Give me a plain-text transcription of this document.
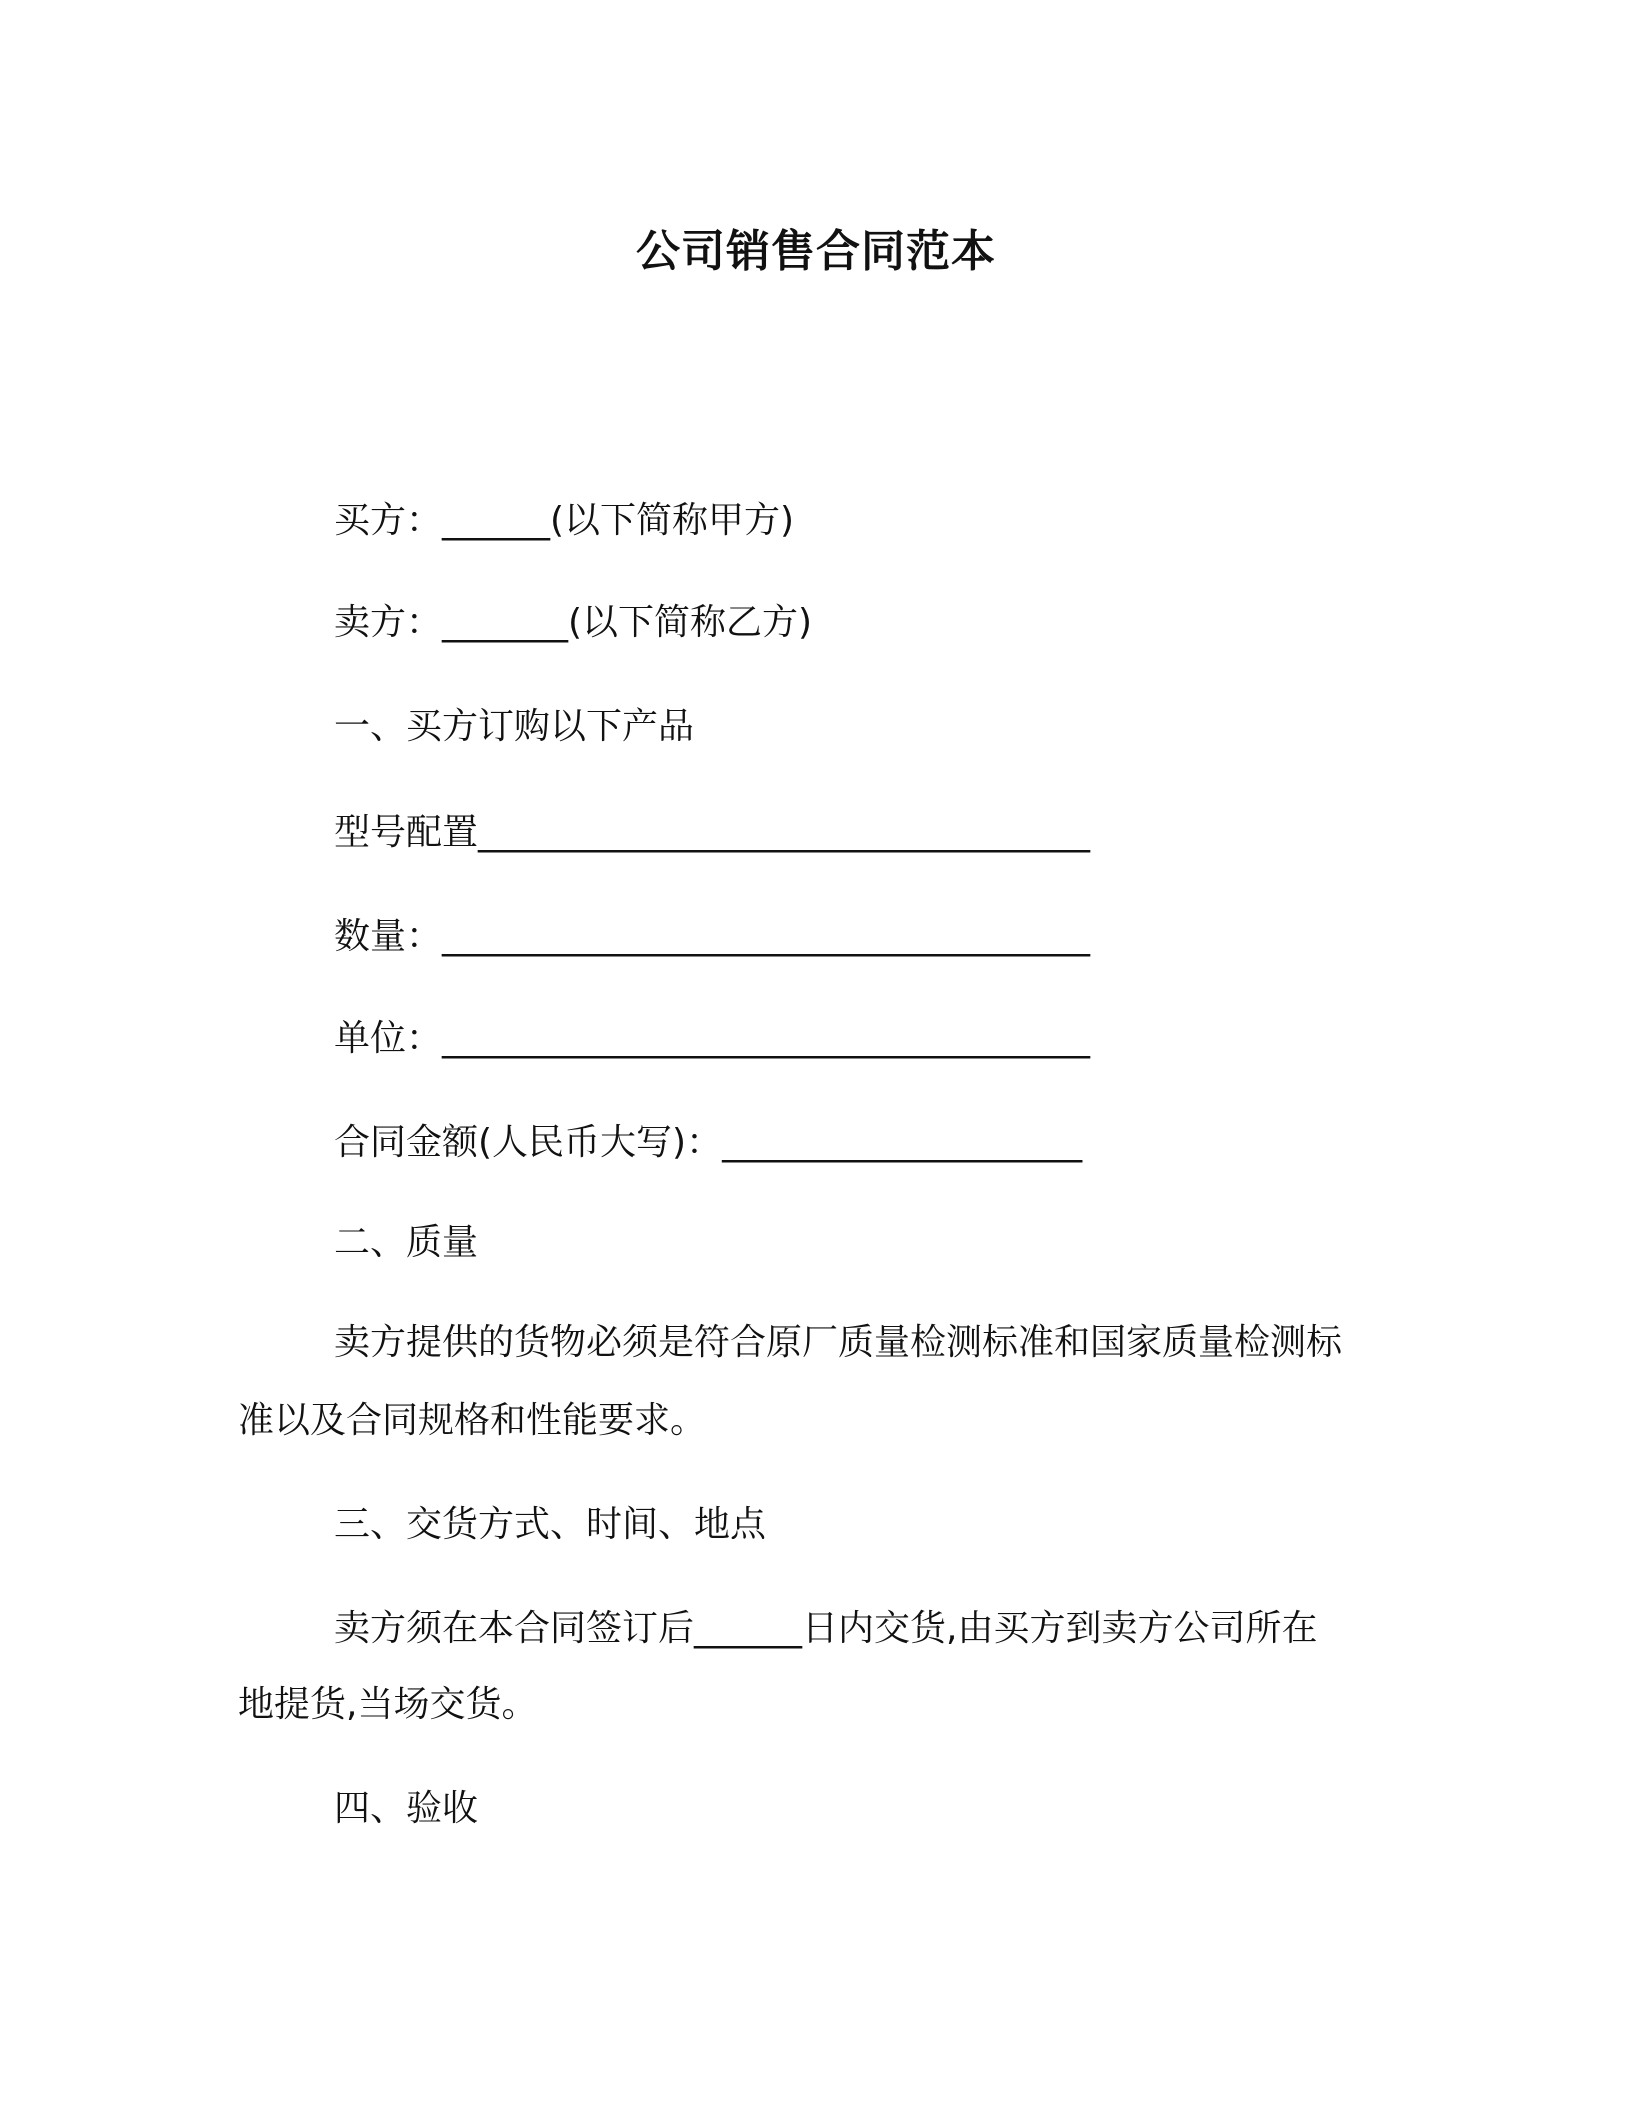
公司销售合同范本
买方：______(以下简称甲方)
卖方：_______(以下简称乙方)
一、买方订购以下产品
型号配置__________________________________
数量：____________________________________
单位：____________________________________
合同金额(人民币大写)：____________________
二、质量
卖方提供的货物必须是符合原厂质量检测标准和国家质量检测标
准以及合同规格和性能要求。
三、交货方式、时间、地点
卖方须在本合同签订后______日内交货,由买方到卖方公司所在
地提货,当场交货。
四、验收
